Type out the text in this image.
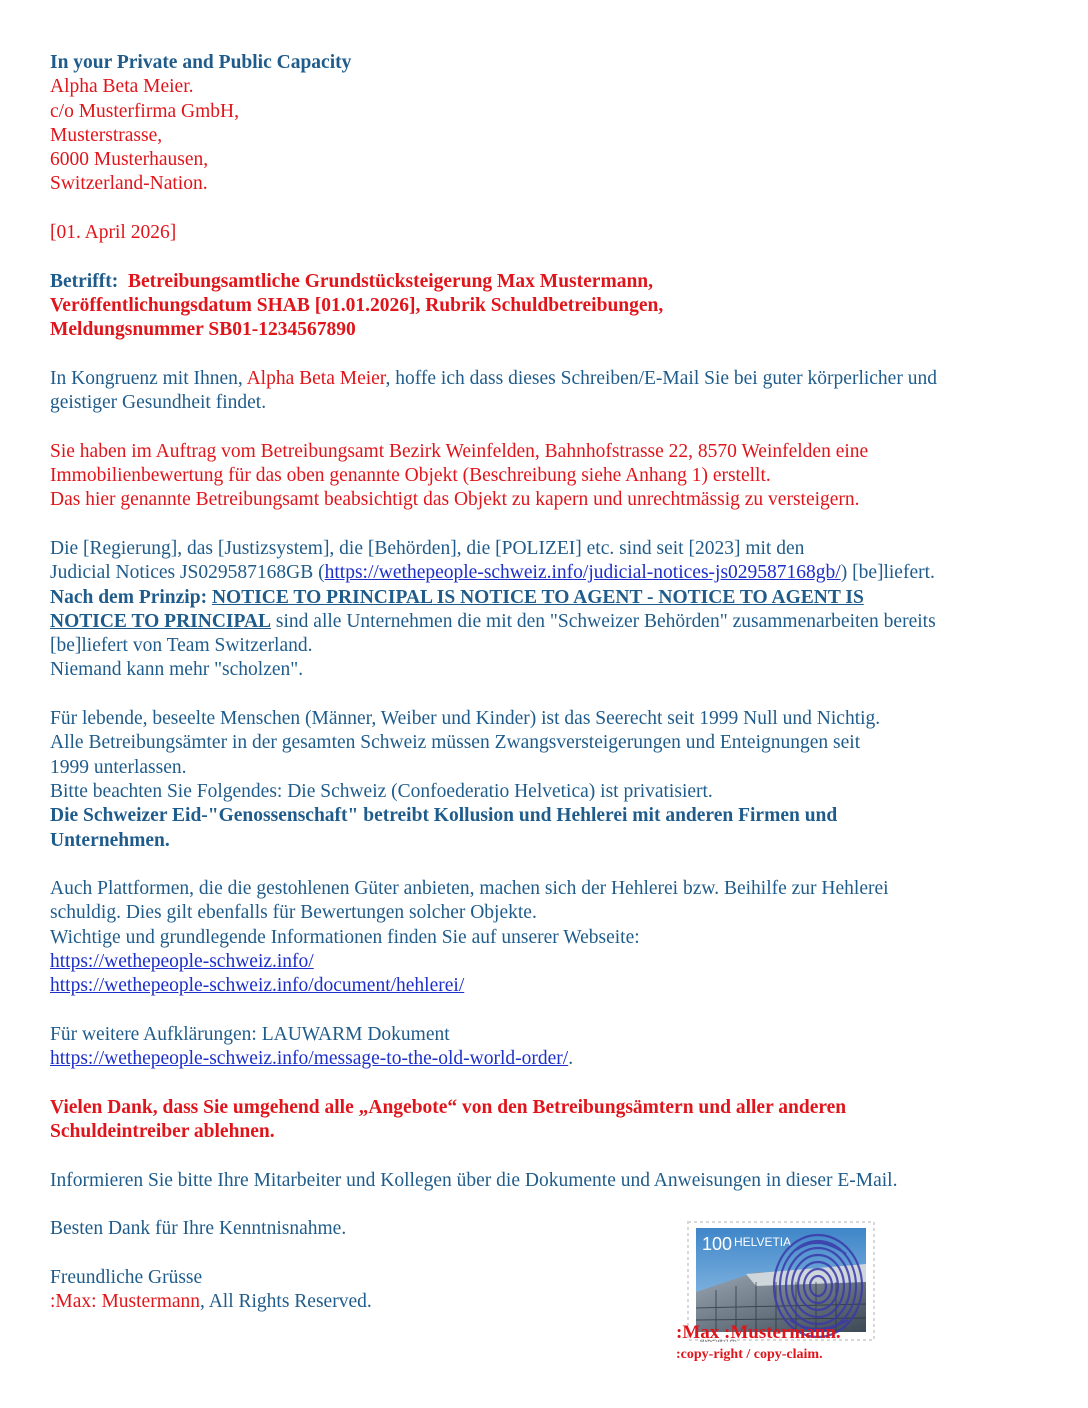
In your Private and Public Capacity
Alpha Beta Meier.
c/o Musterfirma GmbH,
Musterstrasse,
6000 Musterhausen,
Switzerland-Nation.
[01. April 2026]
Betrifft: Betreibungsamtliche Grundstücksteigerung Max Mustermann,
Veröffentlichungsdatum SHAB [01.01.2026], Rubrik Schuldbetreibungen,
Meldungsnummer SB01-1234567890
In Kongruenz mit Ihnen, Alpha Beta Meier, hoffe ich dass dieses Schreiben/E-Mail Sie bei guter körperlicher und
geistiger Gesundheit findet.
Sie haben im Auftrag vom Betreibungsamt Bezirk Weinfelden, Bahnhofstrasse 22, 8570 Weinfelden eine
Immobilienbewertung für das oben genannte Objekt (Beschreibung siehe Anhang 1) erstellt.
Das hier genannte Betreibungsamt beabsichtigt das Objekt zu kapern und unrechtmässig zu versteigern.
Die [Regierung], das [Justizsystem], die [Behörden], die [POLIZEI] etc. sind seit [2023] mit den
Judicial Notices JS029587168GB (https://wethepeople-schweiz.info/judicial-notices-js029587168gb/) [be]liefert.
Nach dem Prinzip: NOTICE TO PRINCIPAL IS NOTICE TO AGENT - NOTICE TO AGENT IS
NOTICE TO PRINCIPAL sind alle Unternehmen die mit den "Schweizer Behörden" zusammenarbeiten bereits
[be]liefert von Team Switzerland.
Niemand kann mehr "scholzen".
Für lebende, beseelte Menschen (Männer, Weiber und Kinder) ist das Seerecht seit 1999 Null und Nichtig.
Alle Betreibungsämter in der gesamten Schweiz müssen Zwangsversteigerungen und Enteignungen seit
1999 unterlassen.
Bitte beachten Sie Folgendes: Die Schweiz (Confoederatio Helvetica) ist privatisiert.
Die Schweizer Eid-"Genossenschaft" betreibt Kollusion und Hehlerei mit anderen Firmen und
Unternehmen.
Auch Plattformen, die die gestohlenen Güter anbieten, machen sich der Hehlerei bzw. Beihilfe zur Hehlerei
schuldig. Dies gilt ebenfalls für Bewertungen solcher Objekte.
Wichtige und grundlegende Informationen finden Sie auf unserer Webseite:
https://wethepeople-schweiz.info/
https://wethepeople-schweiz.info/document/hehlerei/
Für weitere Aufklärungen: LAUWARM Dokument
https://wethepeople-schweiz.info/message-to-the-old-world-order/.
Vielen Dank, dass Sie umgehend alle „Angebote“ von den Betreibungsämtern und aller anderen
Schuldeintreiber ablehnen.
Informieren Sie bitte Ihre Mitarbeiter und Kollegen über die Dokumente und Anweisungen in dieser E-Mail.
Besten Dank für Ihre Kenntnisnahme.
Freundliche Grüsse
:Max: Mustermann, All Rights Reserved.
100 HELVETIA
:Max :Mustermann.
:copy-right / copy-claim.
